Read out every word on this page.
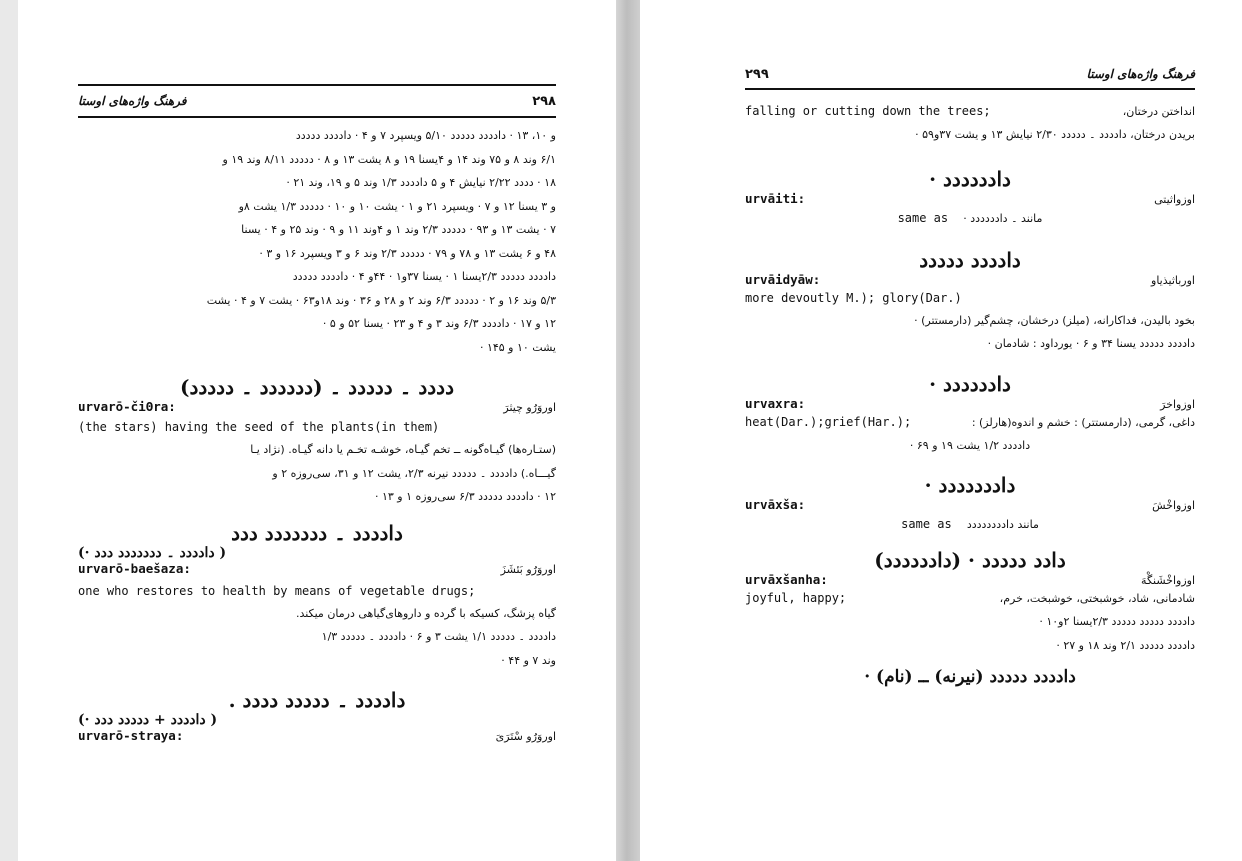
فرهنگ واژه‌های اوستا	۲۹۸
و ۱۰، ۱۳ · دادددد ددددد ۵/۱۰ ویسپرد ۷ و ۴ · دادددد ددددد
۶/۱ وند ۸ و ۷۵ وند ۱۴ و ۴یسنا ۱۹ و ۸ یشت ۱۳ و ۸ · ددددد ۸/۱۱ وند ۱۹ و
۱۸ · دددد ۲/۲۲ نیایش ۴ و ۵ دادددد ۱/۳ وند ۵ و ۱۹، وند ۲۱ ·
و ۳ یسنا ۱۲ و ۷ · ویسپرد ۲۱ و ۱ · یشت ۱۰ و ۱۰ · ددددد ۱/۳ یشت ۸و
۷ · یشت ۱۳ و ۹۳ · ددددد ۲/۳ وند ۱ و ۴وند ۱۱ و ۹ · وند ۲۵ و ۴ · یسنا
۴۸ و ۶ یشت ۱۳ و ۷۸ و ۷۹ · ددددد ۲/۳ وند ۶ و ۳ ویسپرد ۱۶ و ۳ ·
دادددد ددددد ۲/۳یسنا ۱ · یسنا ۳۷و۱ · ۴۴و ۴ · دادددد ددددد
۵/۳ وند ۱۶ و ۲ · ددددد ۶/۳ وند ۲ و ۲۸ و ۳۶ · وند ۱۸و۶۳ · یشت ۷ و ۴ · یشت
۱۲ و ۱۷ · دادددد ۶/۳ وند ۳ و ۴ و ۲۳ · یسنا ۵۲ و ۵ ·
یشت ۱۰ و ۱۴۵ ·
دددد ۔ ددددد ۔ (دددددد ۔ ددددد)
urvarō-čiΘra:	اوروَرُو چیثرَ
(the stars) having the seed of the plants(in them)
(ستـاره‌ها) گیـاه‌گونه ــ تخم گیـاه، خوشـه تخـم یا دانه گیـاه. (نژاد یـا
گیـــاه.) دادددد ۔ ددددد نیرنه ۲/۳، یشت ۱۲ و ۳۱، سی‌روزه ۲ و
۱۲ · دادددد ددددد ۶/۳ سی‌روزه ۱ و ۱۳ ·
دادددد ۔ ددددددد ددد
( دادددد ۔ ددددددد ددد ·)
urvarō-baešaza:	اوروَرُو بَئشَزَ
one who restores to health by means of vegetable drugs;
گیاه پزشگ، کسیکه با گرده و داروهای‌گیاهی درمان میکند.
دادددد ۔ ددددد ۱/۱ یشت ۳ و ۶ · دادددد ۔ ددددد ۱/۳
وند ۷ و ۴۴ ·
دادددد ۔ ددددد دددد .
( دادددد + ددددد ددد ·)
urvarō-straya:	اوروَرُو سْتَرَیَ
۲۹۹	فرهنگ واژه‌های اوستا
falling or cutting down the trees;	انداختن درختان،
بریدن درختان، دادددد ۔ ددددد ۲/۳۰ نیایش ۱۳ و یشت ۳۷و۵۹ ·
دادددددد ·
urvāiti:	اوزواثیتی
same as مانند ۔ دادددددد ·
دادددد ددددد
urvāidyāw:	اورباثیذیاو
more devoutly M.); glory(Dar.)
بخود بالیدن، فداکارانه، (میلز) درخشان، چشم‌گیر (دارمستتر) ·
دادددد ددددد یسنا ۳۴ و ۶ · یورداود : شادمان ·
دادددددد ·
urvaxra:	اوزواخرَ
heat(Dar.);grief(Har.);	داغی، گرمی، (دارمستتر) : خشم و اندوه(هارلز) :
دادددد ۱/۲ یشت ۱۹ و ۶۹ ·
داددددددد ·
urvāxša:	اوزواخْشَ
same as مانند دادددددددد
دادد ددددد · (دادددددد)
urvāxšanha:	اوزواخْشَنگْهَ
joyful, happy;	شادمانی، شاد، خوشبختی، خوشبخت، خرم،
دادددد ددددد ددددد ۲/۳یسنا ۲و۱۰ ·
دادددد ددددد ۲/۱ وند ۱۸ و ۲۷ ·
دادددد ددددد (نیرنه) ــ (نام) ·
